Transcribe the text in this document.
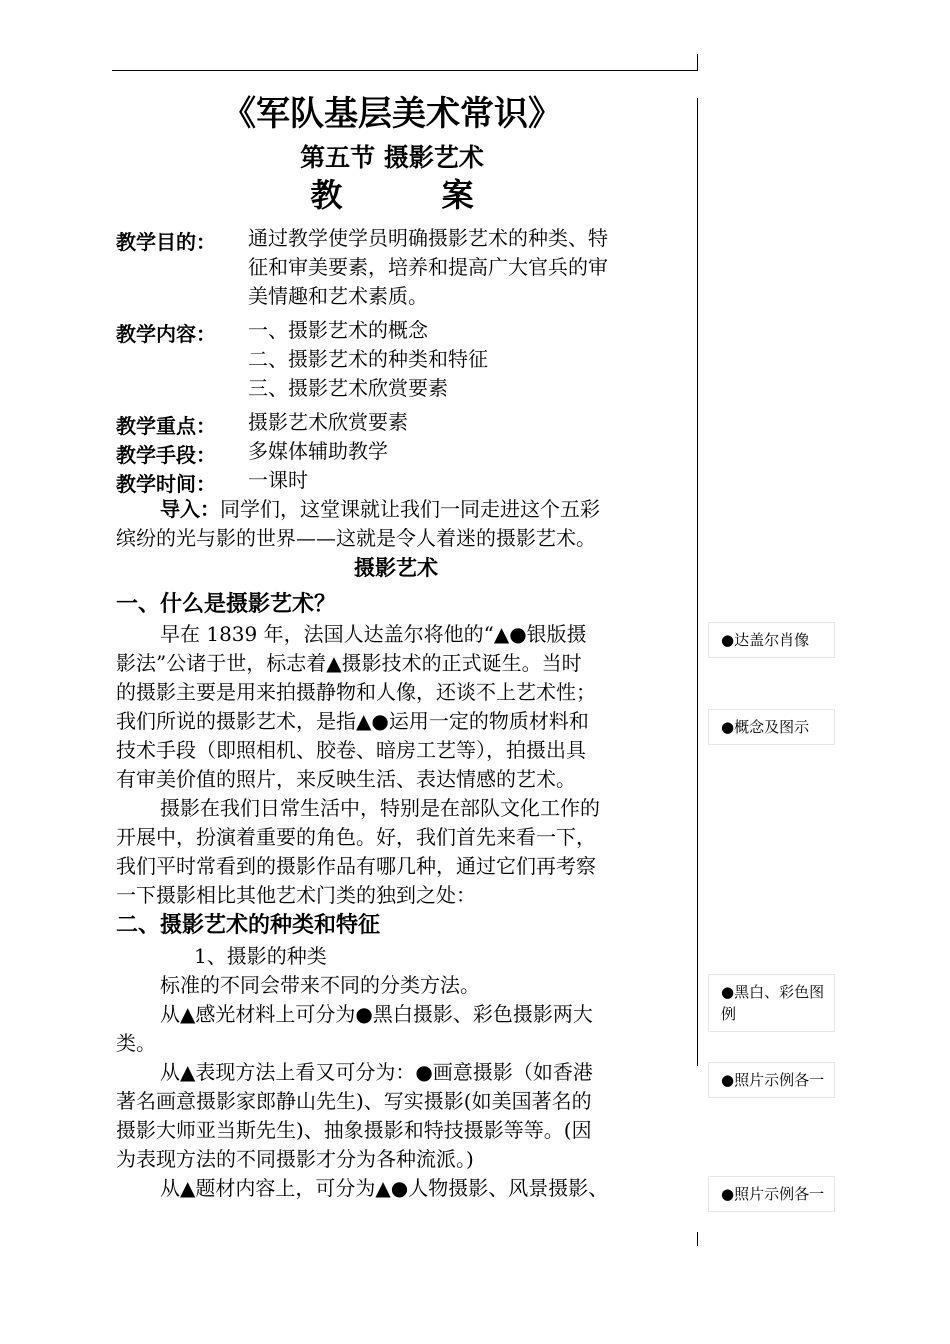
《军队基层美术常识》
第五节 摄影艺术
教 案
教学目的： 通过教学使学员明确摄影艺术的种类、特
征和审美要素，培养和提高广大官兵的审
美情趣和艺术素质。
教学内容： 一、摄影艺术的概念
二、摄影艺术的种类和特征
三、摄影艺术欣赏要素
教学重点： 摄影艺术欣赏要素
教学手段： 多媒体辅助教学
教学时间： 一课时
导入：同学们，这堂课就让我们一同走进这个五彩
缤纷的光与影的世界——这就是令人着迷的摄影艺术。
摄影艺术
一、什么是摄影艺术？
早在 1839 年，法国人达盖尔将他的“▲●银版摄
影法”公诸于世，标志着▲摄影技术的正式诞生。当时
的摄影主要是用来拍摄静物和人像，还谈不上艺术性；
我们所说的摄影艺术，是指▲●运用一定的物质材料和
技术手段（即照相机、胶卷、暗房工艺等），拍摄出具
有审美价值的照片，来反映生活、表达情感的艺术。
摄影在我们日常生活中，特别是在部队文化工作的
开展中，扮演着重要的角色。好，我们首先来看一下，
我们平时常看到的摄影作品有哪几种，通过它们再考察
一下摄影相比其他艺术门类的独到之处：
二、摄影艺术的种类和特征
1、摄影的种类
标准的不同会带来不同的分类方法。
从▲感光材料上可分为●黑白摄影、彩色摄影两大
类。
从▲表现方法上看又可分为：●画意摄影（如香港
著名画意摄影家郎静山先生)、写实摄影(如美国著名的
摄影大师亚当斯先生)、抽象摄影和特技摄影等等。(因
为表现方法的不同摄影才分为各种流派。)
从▲题材内容上，可分为▲●人物摄影、风景摄影、
●达盖尔肖像
●概念及图示
●黑白、彩色图例
●照片示例各一
●照片示例各一
